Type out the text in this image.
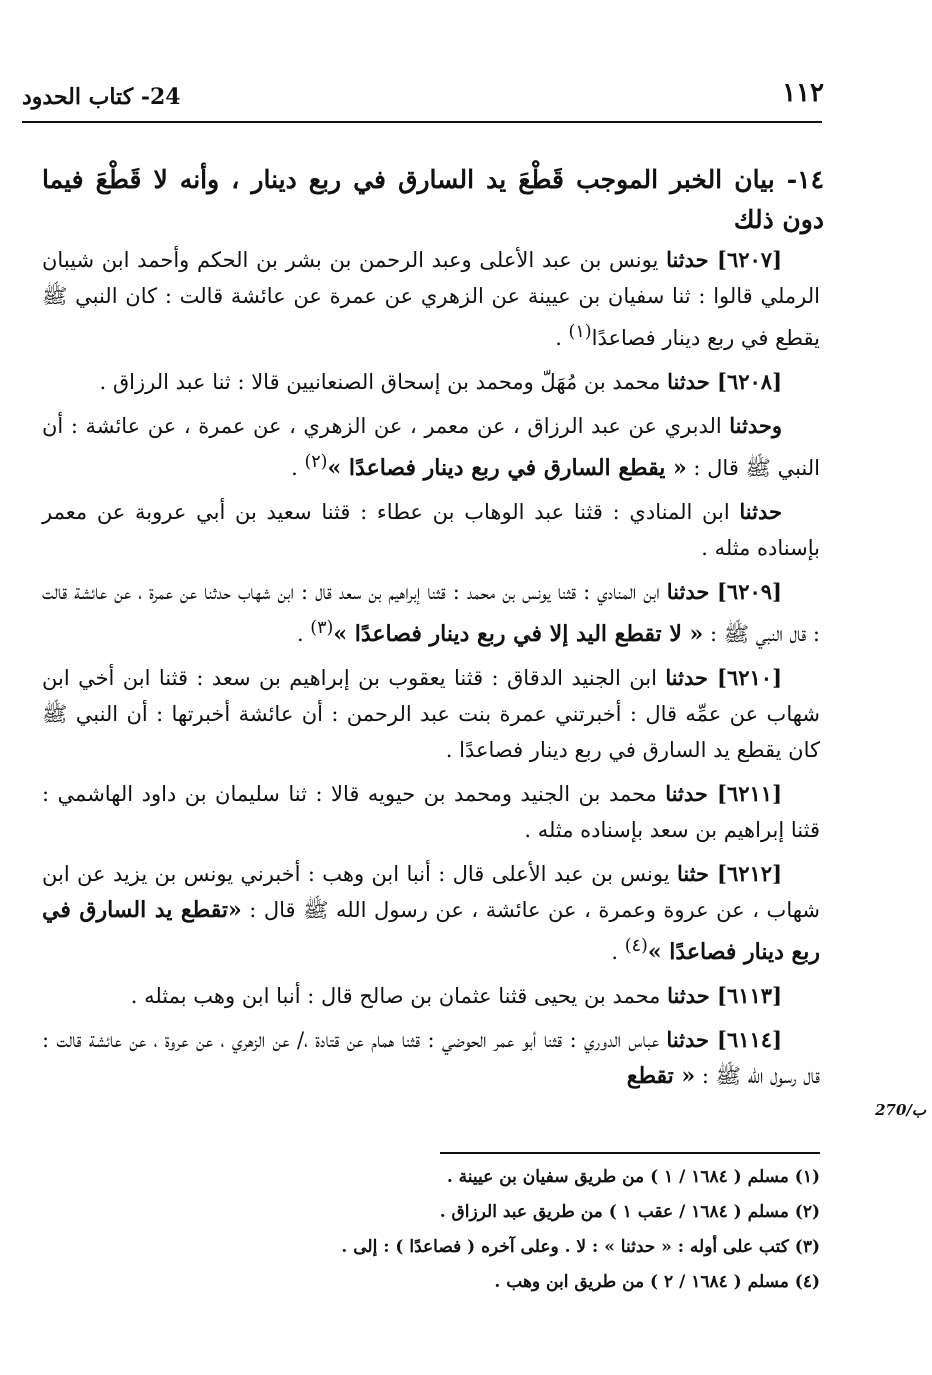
١١٢
24- كتاب الحدود
١٤- بيان الخبر الموجب قَطْعَ يد السارق في ربع دينار ، وأنه لا قَطْعَ فيما دون ذلك

[٦٢٠٧] حدثنا يونس بن عبد الأعلى وعبد الرحمن بن بشر بن الحكم وأحمد ابن شيبان الرملي قالوا : ثنا سفيان بن عيينة عن الزهري عن عمرة عن عائشة قالت : كان النبي ﷺ يقطع في ربع دينار فصاعدًا$^{(١)}$ .

[٦٢٠٨] حدثنا محمد بن مُهَلّ ومحمد بن إسحاق الصنعانيين قالا : ثنا عبد الرزاق .

وحدثنا الدبري عن عبد الرزاق ، عن معمر ، عن الزهري ، عن عمرة ، عن عائشة : أن النبي ﷺ قال : « يقطع السارق في ربع دينار فصاعدًا »$^{(٢)}$ .

حدثنا ابن المنادي : قثنا عبد الوهاب بن عطاء : قثنا سعيد بن أبي عروبة عن معمر بإسناده مثله .

[٦٢٠٩] حدثنا ابن المنادي : قثنا يونس بن محمد : قثنا إبراهيم بن سعد قال : ابن شهاب حدثنا عن عمرة ، عن عائشة قالت : قال النبي ﷺ : « لا تقطع اليد إلا في ربع دينار فصاعدًا »$^{(٣)}$ .

[٦٢١٠] حدثنا ابن الجنيد الدقاق : قثنا يعقوب بن إبراهيم بن سعد : قثنا ابن أخي ابن شهاب عن عمِّه قال : أخبرتني عمرة بنت عبد الرحمن : أن عائشة أخبرتها : أن النبي ﷺ كان يقطع يد السارق في ربع دينار فصاعدًا .

[٦٢١١] حدثنا محمد بن الجنيد ومحمد بن حيويه قالا : ثنا سليمان بن داود الهاشمي : قثنا إبراهيم بن سعد بإسناده مثله .

[٦٢١٢] حثنا يونس بن عبد الأعلى قال : أنبا ابن وهب : أخبرني يونس بن يزيد عن ابن شهاب ، عن عروة وعمرة ، عن عائشة ، عن رسول الله ﷺ قال : «تقطع يد السارق في ربع دينار فصاعدًا »$^{(٤)}$ .

[٦١١٣] حدثنا محمد بن يحيى قثنا عثمان بن صالح قال : أنبا ابن وهب بمثله .

[٦١١٤] حدثنا عباس الدوري : قثنا أبو عمر الحوضي : قثنا همام عن قتادة ،/ عن الزهري ، عن عروة ، عن عائشة قالت : قال رسول الله ﷺ : « تقطع

270/ب
(١) مسلم ( ١٦٨٤ / ١ ) من طريق سفيان بن عيينة .
(٢) مسلم ( ١٦٨٤ / عقب ١ ) من طريق عبد الرزاق .
(٣) كتب على أوله : « حدثنا » : لا . وعلى آخره ( فصاعدًا ) : إلى .
(٤) مسلم ( ١٦٨٤ / ٢ ) من طريق ابن وهب .
